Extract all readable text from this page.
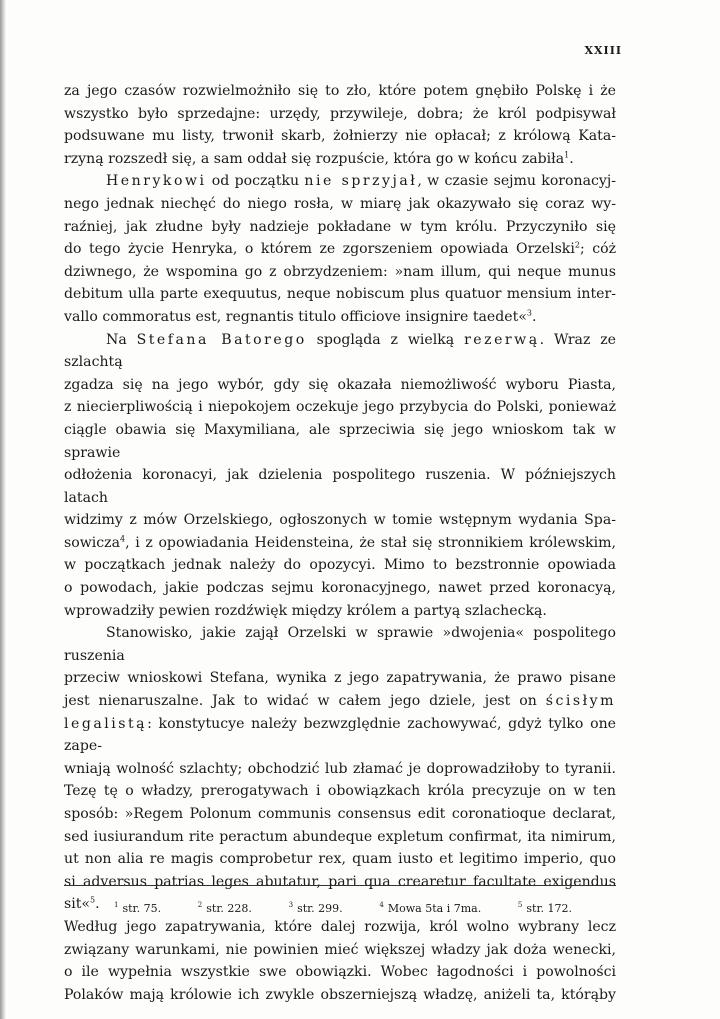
XXIII
za jego czasów rozwielmożniło się to zło, które potem gnębiło Polskę i że
wszystko było sprzedajne: urzędy, przywileje, dobra; że król podpisywał
podsuwane mu listy, trwonił skarb, żołnierzy nie opłacał; z królową Kata-
rzyną rozszedł się, a sam oddał się rozpuście, która go w końcu zabiła$^1$.
Henrykowi od początku nie sprzyjał, w czasie sejmu koronacyj-
nego jednak niechęć do niego rosła, w miarę jak okazywało się coraz wy-
raźniej, jak złudne były nadzieje pokładane w tym królu. Przyczyniło się
do tego życie Henryka, o którem ze zgorszeniem opowiada Orzelski$^2$; cóż
dziwnego, że wspomina go z obrzydzeniem: »nam illum, qui neque munus
debitum ulla parte exequutus, neque nobiscum plus quatuor mensium inter-
vallo commoratus est, regnantis titulo officiove insignire taedet«$^3$.
Na Stefana Batorego spogląda z wielką rezerwą. Wraz ze szlachtą
zgadza się na jego wybór, gdy się okazała niemożliwość wyboru Piasta,
z niecierpliwością i niepokojem oczekuje jego przybycia do Polski, ponieważ
ciągle obawia się Maxymiliana, ale sprzeciwia się jego wnioskom tak w sprawie
odłożenia koronacyi, jak dzielenia pospolitego ruszenia. W późniejszych latach
widzimy z mów Orzelskiego, ogłoszonych w tomie wstępnym wydania Spa-
sowicza$^4$, i z opowiadania Heidensteina, że stał się stronnikiem królewskim,
w początkach jednak należy do opozycyi. Mimo to bezstronnie opowiada
o powodach, jakie podczas sejmu koronacyjnego, nawet przed koronacyą,
wprowadziły pewien rozdźwięk między królem a partyą szlachecką.
Stanowisko, jakie zajął Orzelski w sprawie »dwojenia« pospolitego ruszenia
przeciw wnioskowi Stefana, wynika z jego zapatrywania, że prawo pisane
jest nienaruszalne. Jak to widać w całem jego dziele, jest on ścisłym
legalistą: konstytucye należy bezwzględnie zachowywać, gdyż tylko one zape-
wniają wolność szlachty; obchodzić lub złamać je doprowadziłoby to tyranii.
Tezę tę o władzy, prerogatywach i obowiązkach króla precyzuje on w ten
sposób: »Regem Polonum communis consensus edit coronatioque declarat,
sed iusiurandum rite peractum abundeque expletum confirmat, ita nimirum,
ut non alia re magis comprobetur rex, quam iusto et legitimo imperio, quo
si adversus patrias leges abutatur, pari qua crearetur facultate exigendus sit«$^5$.
Według jego zapatrywania, które dalej rozwija, król wolno wybrany lecz
związany warunkami, nie powinien mieć większej władzy jak doża wenecki,
o ile wypełnia wszystkie swe obowiązki. Wobec łagodności i powolności
Polaków mają królowie ich zwykle obszerniejszą władzę, aniżeli ta, którąby
$^1$ str. 75.	$^2$ str. 228.	$^3$ str. 299.	$^4$ Mowa 5ta i 7ma.	$^5$ str. 172.
